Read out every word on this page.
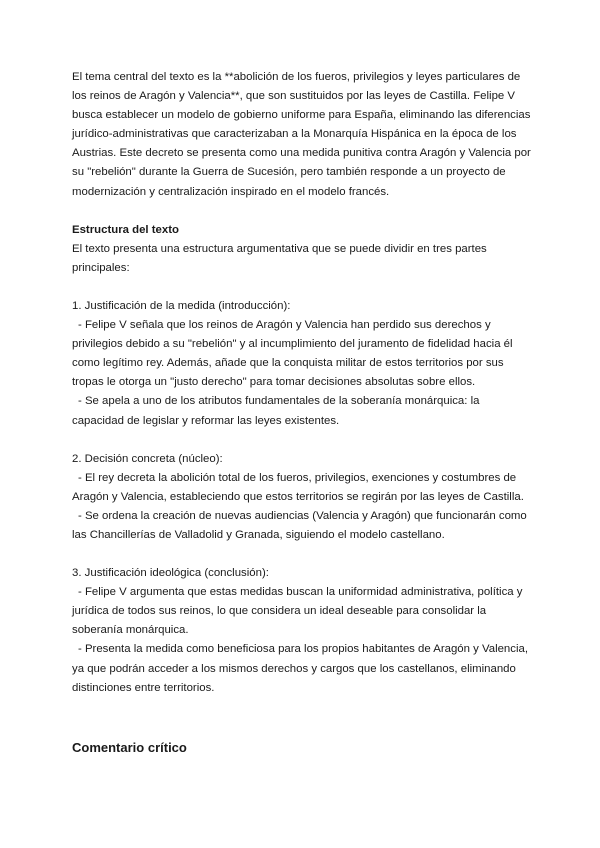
El tema central del texto es la **abolición de los fueros, privilegios y leyes particulares de los reinos de Aragón y Valencia**, que son sustituidos por las leyes de Castilla. Felipe V busca establecer un modelo de gobierno uniforme para España, eliminando las diferencias jurídico-administrativas que caracterizaban a la Monarquía Hispánica en la época de los Austrias. Este decreto se presenta como una medida punitiva contra Aragón y Valencia por su "rebelión" durante la Guerra de Sucesión, pero también responde a un proyecto de modernización y centralización inspirado en el modelo francés.

Estructura del texto

El texto presenta una estructura argumentativa que se puede dividir en tres partes principales:

1. Justificación de la medida (introducción):

- Felipe V señala que los reinos de Aragón y Valencia han perdido sus derechos y privilegios debido a su "rebelión" y al incumplimiento del juramento de fidelidad hacia él como legítimo rey. Además, añade que la conquista militar de estos territorios por sus tropas le otorga un "justo derecho" para tomar decisiones absolutas sobre ellos.

- Se apela a uno de los atributos fundamentales de la soberanía monárquica: la capacidad de legislar y reformar las leyes existentes.

2. Decisión concreta (núcleo):

- El rey decreta la abolición total de los fueros, privilegios, exenciones y costumbres de Aragón y Valencia, estableciendo que estos territorios se regirán por las leyes de Castilla.

- Se ordena la creación de nuevas audiencias (Valencia y Aragón) que funcionarán como las Chancillerías de Valladolid y Granada, siguiendo el modelo castellano.

3. Justificación ideológica (conclusión):

- Felipe V argumenta que estas medidas buscan la uniformidad administrativa, política y jurídica de todos sus reinos, lo que considera un ideal deseable para consolidar la soberanía monárquica.

- Presenta la medida como beneficiosa para los propios habitantes de Aragón y Valencia, ya que podrán acceder a los mismos derechos y cargos que los castellanos, eliminando distinciones entre territorios.

Comentario crítico
